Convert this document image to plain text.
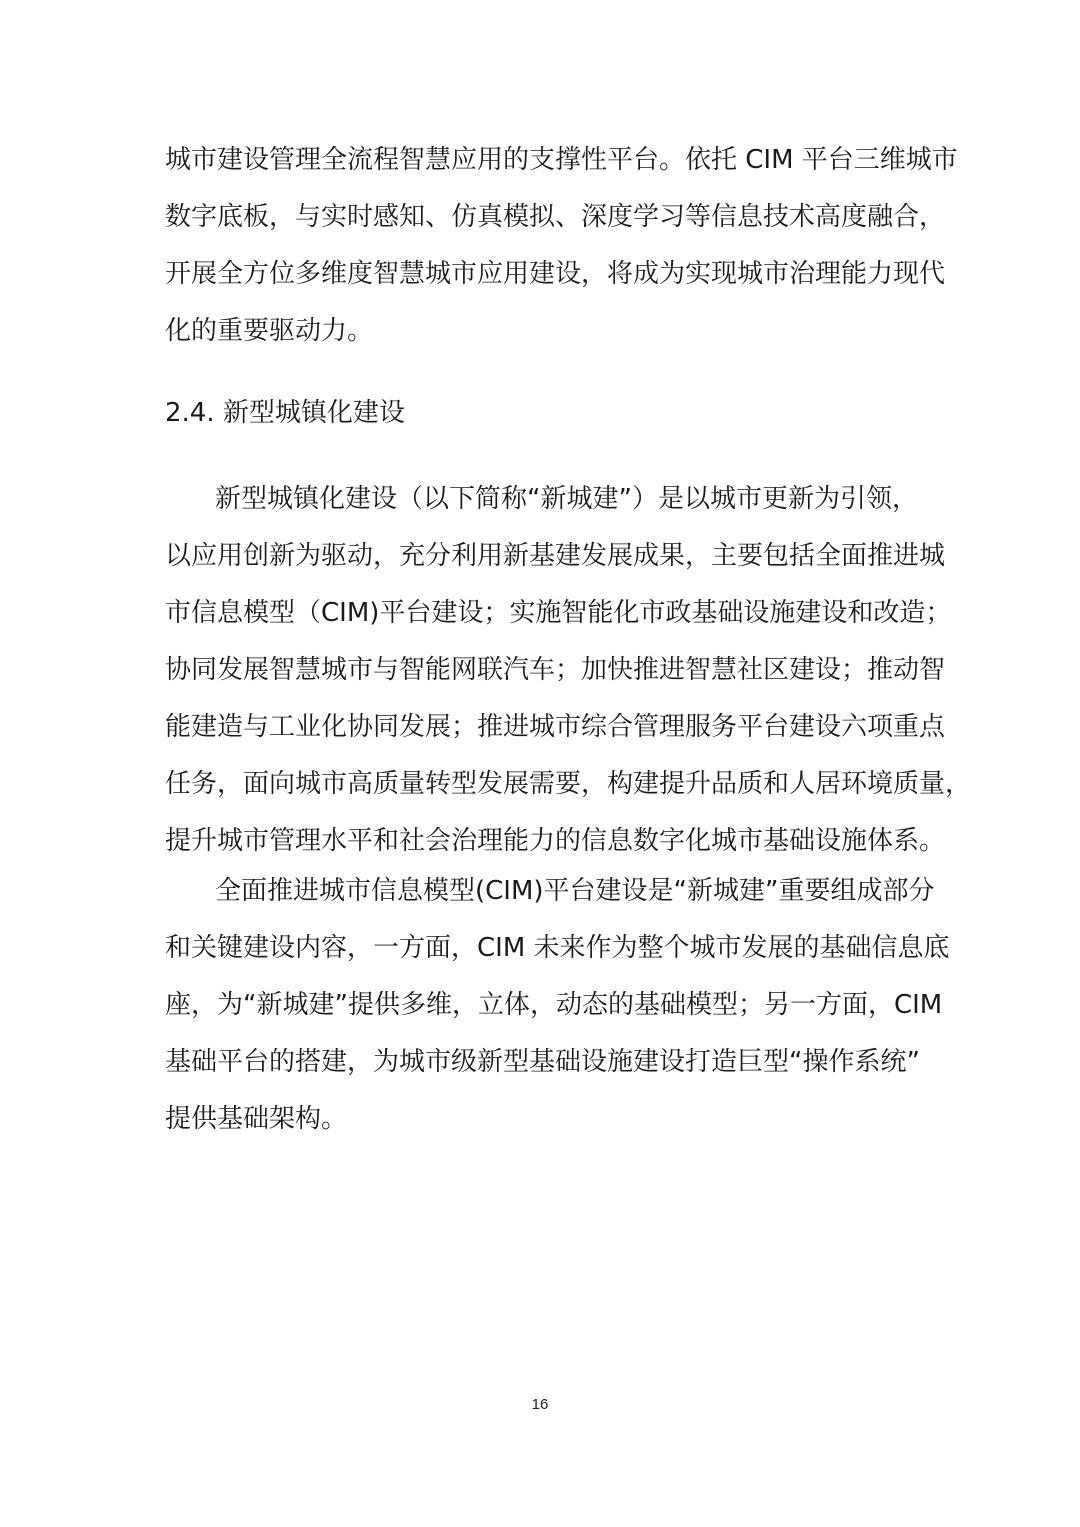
城市建设管理全流程智慧应用的支撑性平台。依托 CIM 平台三维城市
数字底板，与实时感知、仿真模拟、深度学习等信息技术高度融合，
开展全方位多维度智慧城市应用建设，将成为实现城市治理能力现代
化的重要驱动力。
2.4. 新型城镇化建设
新型城镇化建设（以下简称“新城建”）是以城市更新为引领，
以应用创新为驱动，充分利用新基建发展成果，主要包括全面推进城
市信息模型（CIM)平台建设；实施智能化市政基础设施建设和改造；
协同发展智慧城市与智能网联汽车；加快推进智慧社区建设；推动智
能建造与工业化协同发展；推进城市综合管理服务平台建设六项重点
任务，面向城市高质量转型发展需要，构建提升品质和人居环境质量，
提升城市管理水平和社会治理能力的信息数字化城市基础设施体系。
全面推进城市信息模型(CIM)平台建设是“新城建”重要组成部分
和关键建设内容，一方面，CIM 未来作为整个城市发展的基础信息底
座，为“新城建”提供多维，立体，动态的基础模型；另一方面，CIM
基础平台的搭建，为城市级新型基础设施建设打造巨型“操作系统”
提供基础架构。
16
